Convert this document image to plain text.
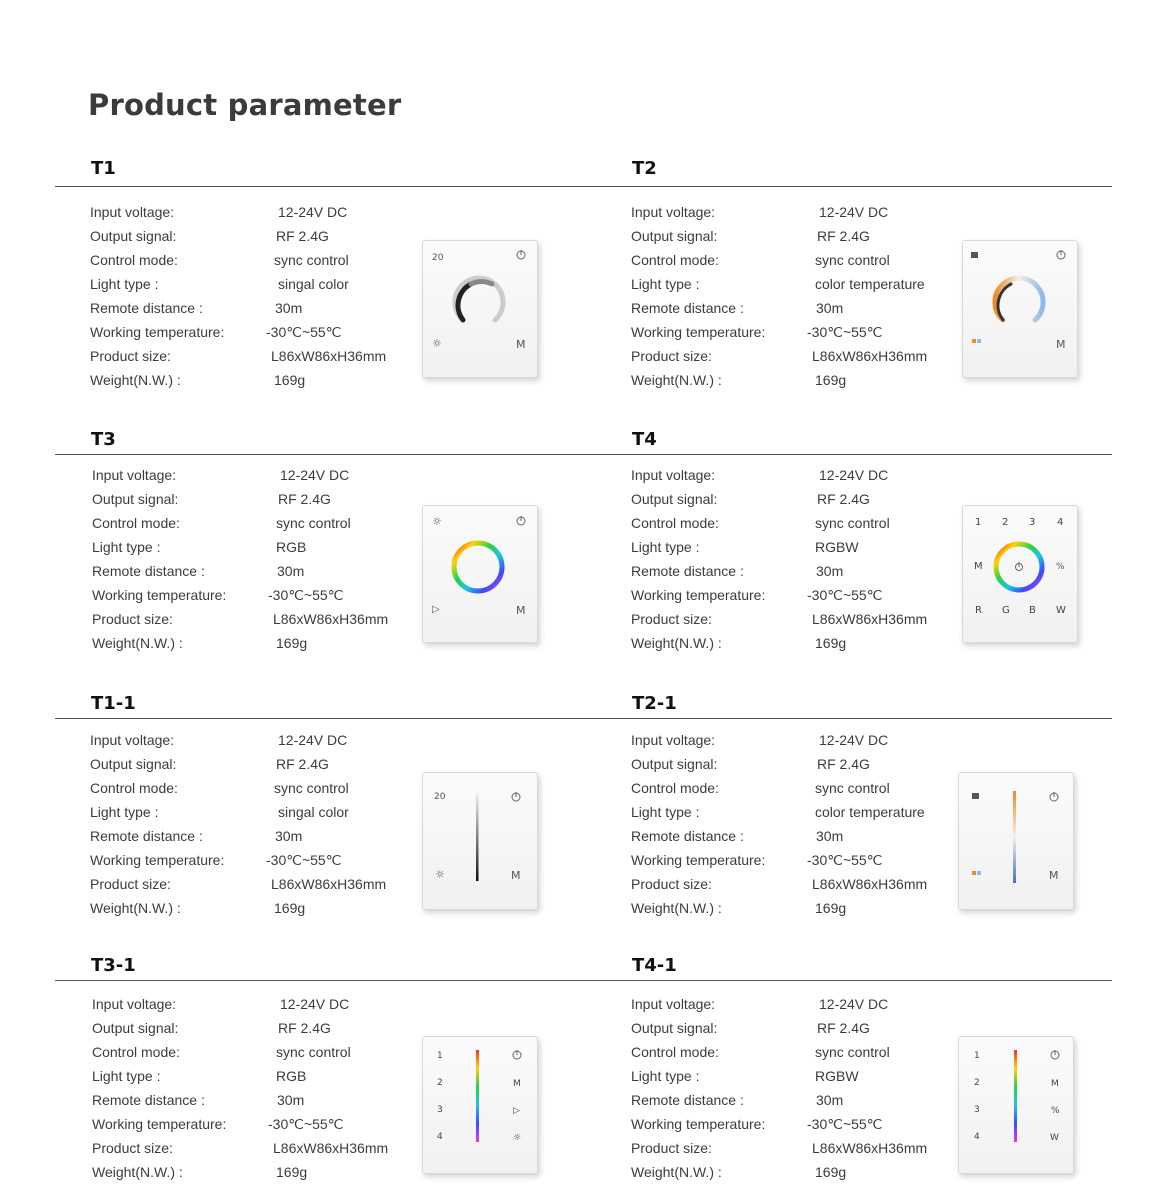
Product parameter
T1
Input voltage:	12-24V DC
Output signal:	RF 2.4G
Control mode:	sync control
Light type :	singal color
Remote distance :	30m
Working temperature:	-30℃~55℃
Product size:	L86xW86xH36mm
Weight(N.W.) :	169g
20
☼	M
T2
Input voltage:	12-24V DC
Output signal:	RF 2.4G
Control mode:	sync control
Light type :	color temperature
Remote distance :	30m
Working temperature:	-30℃~55℃
Product size:	L86xW86xH36mm
Weight(N.W.) :	169g
M
T3
Input voltage:	12-24V DC
Output signal:	RF 2.4G
Control mode:	sync control
Light type :	RGB
Remote distance :	30m
Working temperature:	-30℃~55℃
Product size:	L86xW86xH36mm
Weight(N.W.) :	169g
☼
▷	M
T4
Input voltage:	12-24V DC
Output signal:	RF 2.4G
Control mode:	sync control
Light type :	RGBW
Remote distance :	30m
Working temperature:	-30℃~55℃
Product size:	L86xW86xH36mm
Weight(N.W.) :	169g
1 2 3 4
M
R G B W
%
T1-1
Input voltage:	12-24V DC
Output signal:	RF 2.4G
Control mode:	sync control
Light type :	singal color
Remote distance :	30m
Working temperature:	-30℃~55℃
Product size:	L86xW86xH36mm
Weight(N.W.) :	169g
20
☼	M
T2-1
Input voltage:	12-24V DC
Output signal:	RF 2.4G
Control mode:	sync control
Light type :	color temperature
Remote distance :	30m
Working temperature:	-30℃~55℃
Product size:	L86xW86xH36mm
Weight(N.W.) :	169g
M
T3-1
Input voltage:	12-24V DC
Output signal:	RF 2.4G
Control mode:	sync control
Light type :	RGB
Remote distance :	30m
Working temperature:	-30℃~55℃
Product size:	L86xW86xH36mm
Weight(N.W.) :	169g
1
2
3
4
M
▷
☼
T4-1
Input voltage:	12-24V DC
Output signal:	RF 2.4G
Control mode:	sync control
Light type :	RGBW
Remote distance :	30m
Working temperature:	-30℃~55℃
Product size:	L86xW86xH36mm
Weight(N.W.) :	169g
1
2
3
4
M
%
W
